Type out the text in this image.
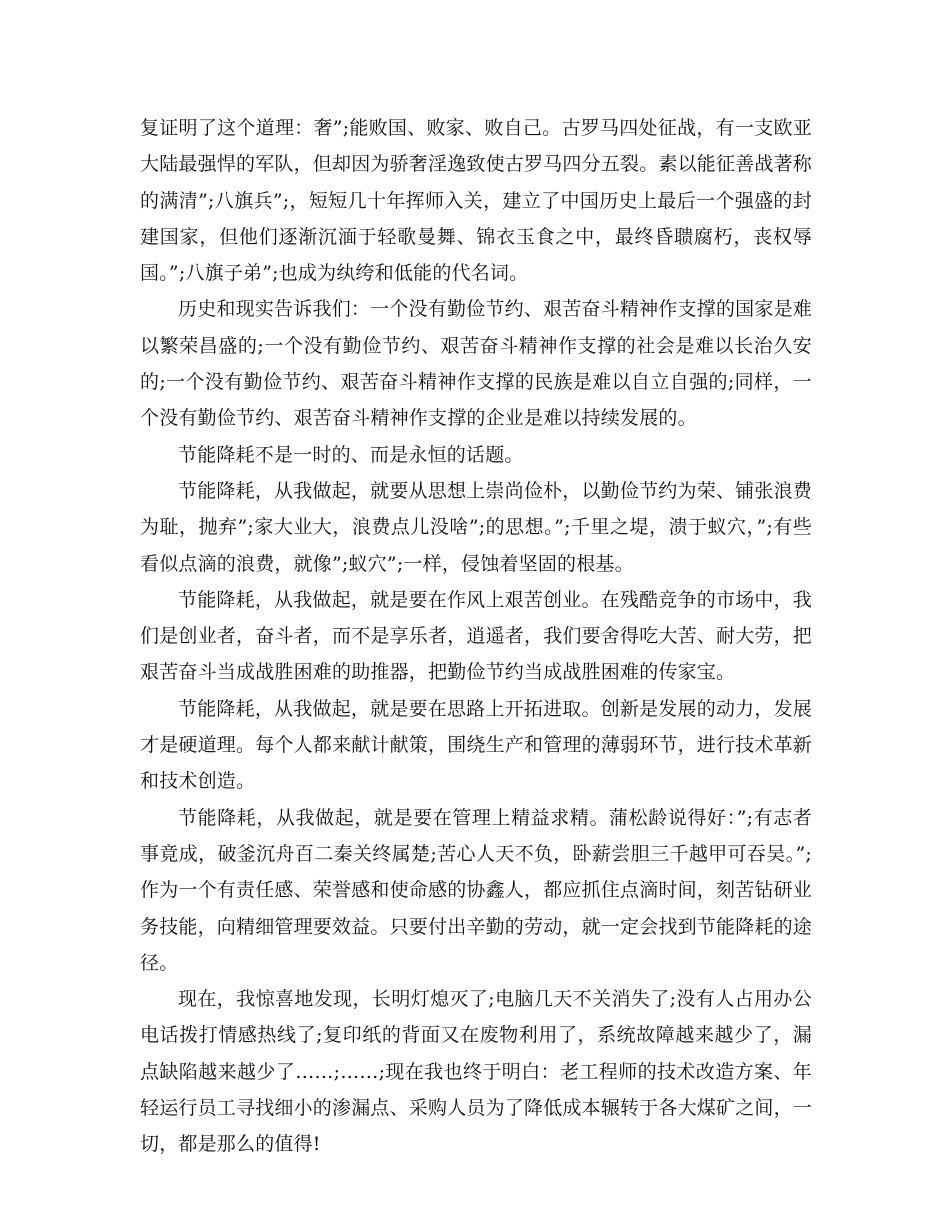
复证明了这个道理：奢”;能败国、败家、败自己。古罗马四处征战，有一支欧亚大陆最强悍的军队，但却因为骄奢淫逸致使古罗马四分五裂。素以能征善战著称的满清”;八旗兵”;，短短几十年挥师入关，建立了中国历史上最后一个强盛的封建国家，但他们逐渐沉湎于轻歌曼舞、锦衣玉食之中，最终昏聩腐朽，丧权辱国。”;八旗子弟”;也成为纨绔和低能的代名词。

历史和现实告诉我们：一个没有勤俭节约、艰苦奋斗精神作支撑的国家是难以繁荣昌盛的;一个没有勤俭节约、艰苦奋斗精神作支撑的社会是难以长治久安的;一个没有勤俭节约、艰苦奋斗精神作支撑的民族是难以自立自强的;同样，一个没有勤俭节约、艰苦奋斗精神作支撑的企业是难以持续发展的。

节能降耗不是一时的、而是永恒的话题。

节能降耗，从我做起，就要从思想上崇尚俭朴，以勤俭节约为荣、铺张浪费为耻，抛弃”;家大业大，浪费点儿没啥”;的思想。”;千里之堤，溃于蚁穴，”;有些看似点滴的浪费，就像”;蚁穴”;一样，侵蚀着坚固的根基。

节能降耗，从我做起，就是要在作风上艰苦创业。在残酷竞争的市场中，我们是创业者，奋斗者，而不是享乐者，逍遥者，我们要舍得吃大苦、耐大劳，把艰苦奋斗当成战胜困难的助推器，把勤俭节约当成战胜困难的传家宝。

节能降耗，从我做起，就是要在思路上开拓进取。创新是发展的动力，发展才是硬道理。每个人都来献计献策，围绕生产和管理的薄弱环节，进行技术革新和技术创造。

节能降耗，从我做起，就是要在管理上精益求精。蒲松龄说得好：”;有志者事竟成，破釜沉舟百二秦关终属楚;苦心人天不负，卧薪尝胆三千越甲可吞吴。”;作为一个有责任感、荣誉感和使命感的协鑫人，都应抓住点滴时间，刻苦钻研业务技能，向精细管理要效益。只要付出辛勤的劳动，就一定会找到节能降耗的途径。

现在，我惊喜地发现，长明灯熄灭了;电脑几天不关消失了;没有人占用办公电话拨打情感热线了;复印纸的背面又在废物利用了，系统故障越来越少了，漏点缺陷越来越少了……;……;现在我也终于明白：老工程师的技术改造方案、年轻运行员工寻找细小的渗漏点、采购人员为了降低成本辗转于各大煤矿之间，一切，都是那么的值得!
